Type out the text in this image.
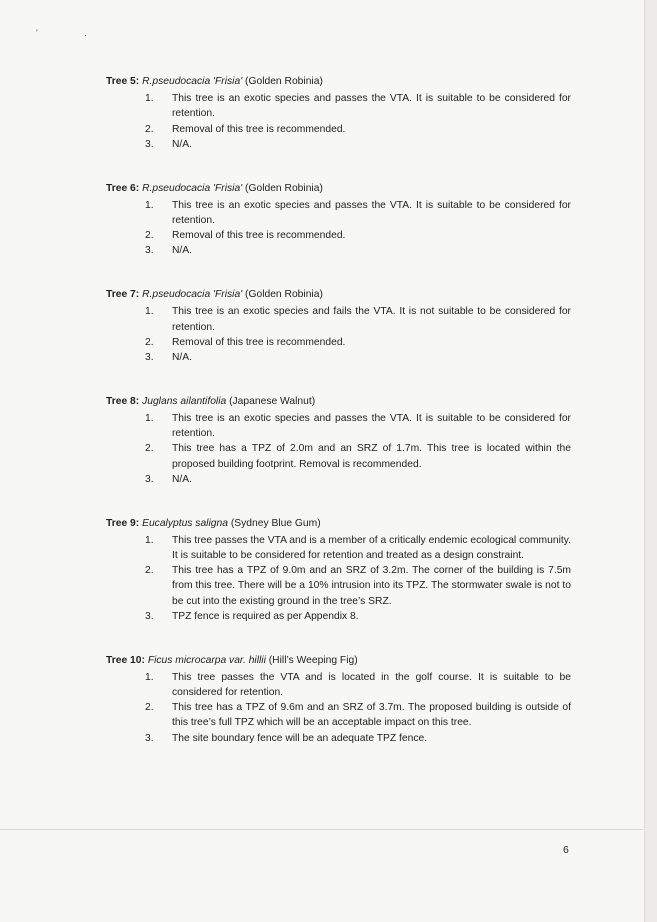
' .

Tree 5: R.pseudocacia 'Frisia' (Golden Robinia)

1.	This tree is an exotic species and passes the VTA. It is suitable to be considered for retention.
2.	Removal of this tree is recommended.
3.	N/A.

Tree 6: R.pseudocacia 'Frisia' (Golden Robinia)

1.	This tree is an exotic species and passes the VTA. It is suitable to be considered for retention.
2.	Removal of this tree is recommended.
3.	N/A.

Tree 7: R.pseudocacia 'Frisia' (Golden Robinia)

1.	This tree is an exotic species and fails the VTA. It is not suitable to be considered for retention.
2.	Removal of this tree is recommended.
3.	N/A.

Tree 8: Juglans ailantifolia (Japanese Walnut)

1.	This tree is an exotic species and passes the VTA. It is suitable to be considered for retention.
2.	This tree has a TPZ of 2.0m and an SRZ of 1.7m. This tree is located within the proposed building footprint. Removal is recommended.
3.	N/A.

Tree 9: Eucalyptus saligna (Sydney Blue Gum)

1.	This tree passes the VTA and is a member of a critically endemic ecological community. It is suitable to be considered for retention and treated as a design constraint.
2.	This tree has a TPZ of 9.0m and an SRZ of 3.2m. The corner of the building is 7.5m from this tree. There will be a 10% intrusion into its TPZ. The stormwater swale is not to be cut into the existing ground in the tree’s SRZ.
3.	TPZ fence is required as per Appendix 8.

Tree 10: Ficus microcarpa var. hillii (Hill’s Weeping Fig)

1.	This tree passes the VTA and is located in the golf course. It is suitable to be considered for retention.
2.	This tree has a TPZ of 9.6m and an SRZ of 3.7m. The proposed building is outside of this tree’s full TPZ which will be an acceptable impact on this tree.
3.	The site boundary fence will be an adequate TPZ fence.
6
